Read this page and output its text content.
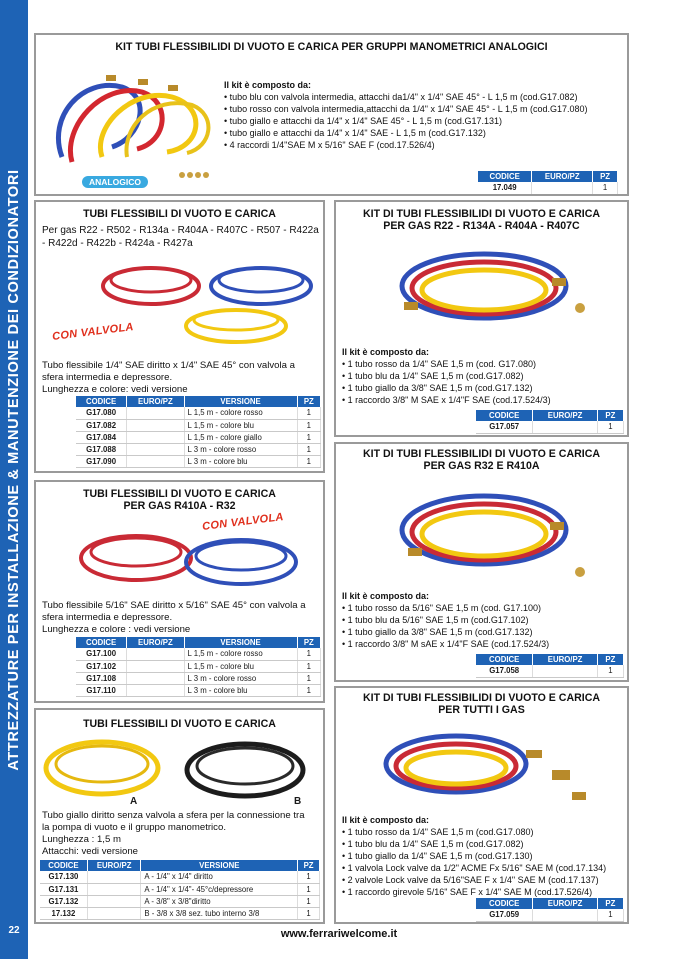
ATTREZZATURE PER INSTALLAZIONE & MANUTENZIONE DEI CONDIZIONATORI
22
KIT TUBI FLESSIBILIDI DI VUOTO E CARICA PER GRUPPI MANOMETRICI ANALOGICI
ANALOGICO
Il kit è composto da:
• tubo blu con valvola intermedia, attacchi da1/4" x 1/4" SAE 45° - L 1,5 m (cod.G17.082)
• tubo rosso con valvola intermedia,attacchi da 1/4" x 1/4" SAE 45° - L 1,5 m (cod.G17.080)
• tubo giallo e attacchi da 1/4" x 1/4" SAE 45° - L 1,5 m (cod.G17.131)
• tubo giallo e attacchi da 1/4" x 1/4" SAE - L 1,5 m (cod.G17.132)
• 4 raccordi 1/4"SAE M x 5/16" SAE F (cod.17.526/4)
CODICE	EURO/PZ	PZ
17.049		1
TUBI FLESSIBILI DI VUOTO E CARICA
Per gas R22 - R502 - R134a - R404A - R407C - R507 - R422a - R422d - R422b - R424a - R427a
CON VALVOLA
Tubo flessibile 1/4" SAE diritto x 1/4" SAE 45° con valvola a
sfera intermedia e depressore.
Lunghezza e colore: vedi versione
CODICE	EURO/PZ	VERSIONE	PZ
G17.080		L 1,5 m - colore rosso	1
G17.082		L 1,5 m - colore blu	1
G17.084		L 1,5 m - colore giallo	1
G17.088		L 3 m - colore rosso	1
G17.090		L 3 m - colore blu	1
TUBI FLESSIBILI DI VUOTO E CARICA
PER GAS R410A - R32
CON VALVOLA
Tubo flessibile 5/16" SAE diritto x 5/16" SAE 45° con valvola a
sfera intermedia e depressore.
Lunghezza e colore : vedi versione
CODICE	EURO/PZ	VERSIONE	PZ
G17.100		L 1,5 m - colore rosso	1
G17.102		L 1,5 m - colore blu	1
G17.108		L 3 m - colore rosso	1
G17.110		L 3 m - colore blu	1
TUBI FLESSIBILI DI VUOTO E CARICA
A	B
Tubo giallo diritto senza valvola a sfera per la connessione tra
la pompa di vuoto e il gruppo manometrico.
Lunghezza : 1,5 m
Attacchi: vedi versione
CODICE	EURO/PZ	VERSIONE	PZ
G17.130		A - 1/4" x 1/4" diritto	1
G17.131		A - 1/4" x 1/4"- 45°c/depressore	1
G17.132		A - 3/8" x 3/8"diritto	1
17.132		B - 3/8 x 3/8 sez. tubo interno 3/8	1
KIT DI TUBI FLESSIBILIDI DI VUOTO E CARICA
PER GAS R22 - R134A - R404A - R407C
Il kit è composto da:
• 1 tubo rosso da 1/4" SAE 1,5 m (cod. G17.080)
• 1 tubo blu da 1/4" SAE 1,5 m (cod.G17.082)
• 1 tubo giallo da 3/8" SAE 1,5 m (cod.G17.132)
• 1 raccordo 3/8" M SAE x 1/4"F SAE (cod.17.524/3)
CODICE	EURO/PZ	PZ
G17.057		1
KIT DI TUBI FLESSIBILIDI DI VUOTO E CARICA
PER GAS R32 E R410A
Il kit è composto da:
• 1 tubo rosso da 5/16" SAE 1,5 m (cod. G17.100)
• 1 tubo blu da 5/16" SAE 1,5 m (cod.G17.102)
• 1 tubo giallo da 3/8" SAE 1,5 m (cod.G17.132)
• 1 raccordo 3/8" M sAE x 1/4"F SAE (cod.17.524/3)
CODICE	EURO/PZ	PZ
G17.058		1
KIT DI TUBI FLESSIBILIDI DI VUOTO E CARICA
PER TUTTI I GAS
Il kit è composto da:
• 1 tubo rosso da 1/4" SAE 1,5 m (cod.G17.080)
• 1 tubo blu da 1/4" SAE 1,5 m (cod.G17.082)
• 1 tubo giallo da 1/4" SAE 1,5 m (cod.G17.130)
• 1 valvola Lock valve da 1/2" ACME Fx 5/16" SAE M (cod.17.134)
• 2 valvole Lock valve da 5/16"SAE F x 1/4" SAE M (cod.17.137)
• 1 raccordo girevole 5/16" SAE F x 1/4" SAE M (cod.17.526/4)
CODICE	EURO/PZ	PZ
G17.059		1
www.ferrariwelcome.it
